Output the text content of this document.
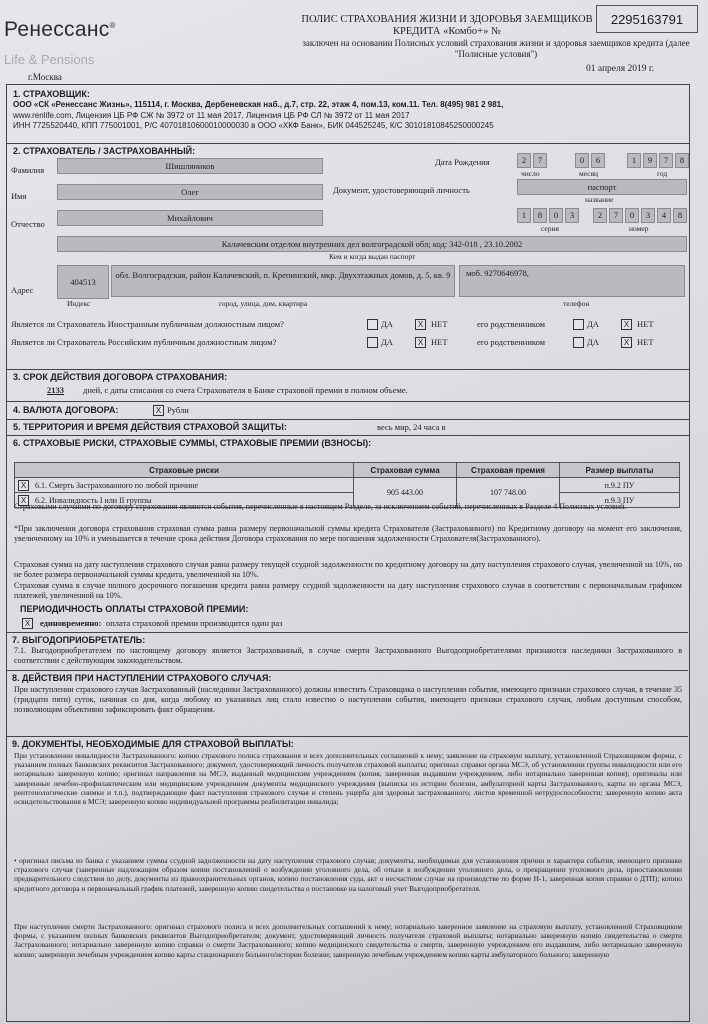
Ренессанс®
Life & Pensions
г.Москва
ПОЛИС СТРАХОВАНИЯ ЖИЗНИ И ЗДОРОВЬЯ ЗАЕМЩИКОВ КРЕДИТА «Комбо+» №
2295163791
заключен на основании Полисных условий страхования жизни и здоровья заемщиков кредита (далее "Полисные условия")
01 апреля 2019 г.
1. СТРАХОВЩИК:
ООО «СК «Ренессанс Жизнь», 115114, г. Москва, Дербеневская наб., д.7, стр. 22, этаж 4, пом.13, ком.11. Тел. 8(495) 981 2 981,
www.renlife.com, Лицензия ЦБ РФ СЖ № 3972 от 11 мая 2017, Лицензия ЦБ РФ СЛ № 3972 от 11 мая 2017
ИНН 7725520440, КПП 775001001, Р/С 40701810600010000030 в ООО «ХКФ Банк», БИК 044525245, К/С 30101810845250000245
2. СТРАХОВАТЕЛЬ / ЗАСТРАХОВАННЫЙ:
Фамилия	Шишляников
Имя	Олег
Отчество
Михайлович
Дата Рождения	2	7	0	6	1	9	7	8
число	месяц	год
Документ, удостоверяющий личность	паспорт
название
1	8	0	3	2	7	0	3	4	8
серия	номер
Калачевским отделом внутренних дел волгоградской обл; код: 342-018 , 23.10.2002
Кем и когда выдан паспорт
Адрес
404513
обл. Волгоградская, район Калачевский, п. Крепинский, мкр. Двухэтажных домов, д. 5, кв. 9	моб. 9270646978,
Индекс	город, улица, дом, квартира	телефон
Является ли Страхователь Иностранным публичным должностным лицом?	ДА	X НЕТ	его родственником	ДА	X НЕТ
Является ли Страхователь Российским публичным должностным лицом?	ДА	X НЕТ	его родственником	ДА	X НЕТ
3. СРОК ДЕЙСТВИЯ ДОГОВОРА СТРАХОВАНИЯ:
2133 дней, с даты списания со счета Страхователя в Банке страховой премии в полном объеме.
4. ВАЛЮТА ДОГОВОРА:	X Рубли
5. ТЕРРИТОРИЯ И ВРЕМЯ ДЕЙСТВИЯ СТРАХОВОЙ ЗАЩИТЫ:	весь мир, 24 часа в
6. СТРАХОВЫЕ РИСКИ, СТРАХОВЫЕ СУММЫ, СТРАХОВЫЕ ПРЕМИИ (ВЗНОСЫ):
Страховые риски	Страховая сумма	Страховая премия	Размер выплаты
X 6.1. Смерть Застрахованного по любой причине	905 443.00	107 748.00	п.9.2 ПУ
X 6.2. Инвалидность I или II группы			п.9.3 ПУ
Страховыми случаями по договору страхования являются события, перечисленные в настоящем Разделе, за исключением событий, перечисленных в Разделе 4 Полисных условий.
*При заключении договора страхования страховая сумма равна размеру первоначальной суммы кредита Страхователя (Застрахованного) по Кредитному договору на момент его заключения, увеличенному на 10% и уменьшается в течение срока действия Договора страхования по мере погашения задолженности Страхователя(Застрахованного).
Страховая сумма на дату наступления страхового случая равна размеру текущей ссудной задолженности по кредитному договору на дату наступления страхового случая, увеличенной на 10%, но не более размера первоначальной суммы кредита, увеличенной на 10%.
Страховая сумма в случае полного досрочного погашения кредита равна размеру ссудной задолженности на дату наступления страхового случая в соответствии с первоначальным графиком платежей, увеличенной на 10%.
ПЕРИОДИЧНОСТЬ ОПЛАТЫ СТРАХОВОЙ ПРЕМИИ:
X	единовременно: оплата страховой премии производится один раз
7. ВЫГОДОПРИОБРЕТАТЕЛЬ:
7.1. Выгодоприобретателем по настоящему договору является Застрахованный, в случае смерти Застрахованного Выгодоприобретателями признаются наследники Застрахованного в соответствии с действующим законодательством.
8. ДЕЙСТВИЯ ПРИ НАСТУПЛЕНИИ СТРАХОВОГО СЛУЧАЯ:
При наступлении страхового случая Застрахованный (наследники Застрахованного) должны известить Страховщика о наступлении события, имеющего признаки страхового случая, в течение 35 (тридцати пяти) суток, начиная со дня, когда любому из указанных лиц стало известно о наступлении события, имеющего признаки страхового случая, любым доступным способом, позволяющим объективно зафиксировать факт обращения.
9. ДОКУМЕНТЫ, НЕОБХОДИМЫЕ ДЛЯ СТРАХОВОЙ ВЫПЛАТЫ:
При установлении инвалидности Застрахованного: копию страхового полиса страхования и всех дополнительных соглашений к нему; заявление на страховую выплату, установленной Страховщиком формы, с указанием полных банковских реквизитов Застрахованного; документ, удостоверяющий личность получателя страховой выплаты; оригинал справки органа МСЭ, об установлении группы инвалидности или его нотариально заверенную копию; оригинал направления на МСЭ, выданный медицинским учреждением (копия, заверенная выдавшим учреждением, либо нотариально заверенная копия); оригиналы или заверенные лечебно-профилактическим или медицинским учреждением документы медицинского учреждения (выписка из истории болезни, амбулаторной карты Застрахованного, карты из органа МСЭ, рентгенологические снимки и т.п.), подтверждающие факт наступления страхового случая и степень ущерба для здоровья застрахованного; листов временной нетрудоспособности; заверенную копию акта освидетельствования в МСЭ; заверенную копию индивидуальной программы реабилитации инвалида;
• оригинал письма из банка с указанием суммы ссудной задолженности на дату наступления страхового случая; документы, необходимые для установления причин и характера события, имеющего признаки страхового случая (заверенные надлежащим образом копии постановлений о возбуждении уголовного дела, об отказе в возбуждении уголовного дела, о прекращении уголовного дела, приостановлении предварительного следствия по делу, документы из правоохранительных органов, копию постановления суда, акт о несчастном случае на производстве по форме Н-1, заверенная копия справки о ДТП); копию кредитного договора и первоначальный график платежей, заверенную копию свидетельства о постановке на налоговый учет Выгодоприобретателя.
При наступлении смерти Застрахованного: оригинал страхового полиса и всех дополнительных соглашений к нему; нотариально заверенное заявление на страховую выплату, установленной Страховщиком формы, с указанием полных банковских реквизитов Выгодоприобретателя; документ, удостоверяющий личность получателя страховой выплаты; нотариально заверенную копию свидетельства о смерти Застрахованного; нотариально заверенную копию справки о смерти Застрахованного; копию медицинского свидетельства о смерти, заверенную учреждением его выдавшим, либо нотариально заверенную копию; заверенную лечебным учреждением копию карты стационарного больного/истории болезни; заверенную лечебным учреждением копию карты амбулаторного больного; заверенную
